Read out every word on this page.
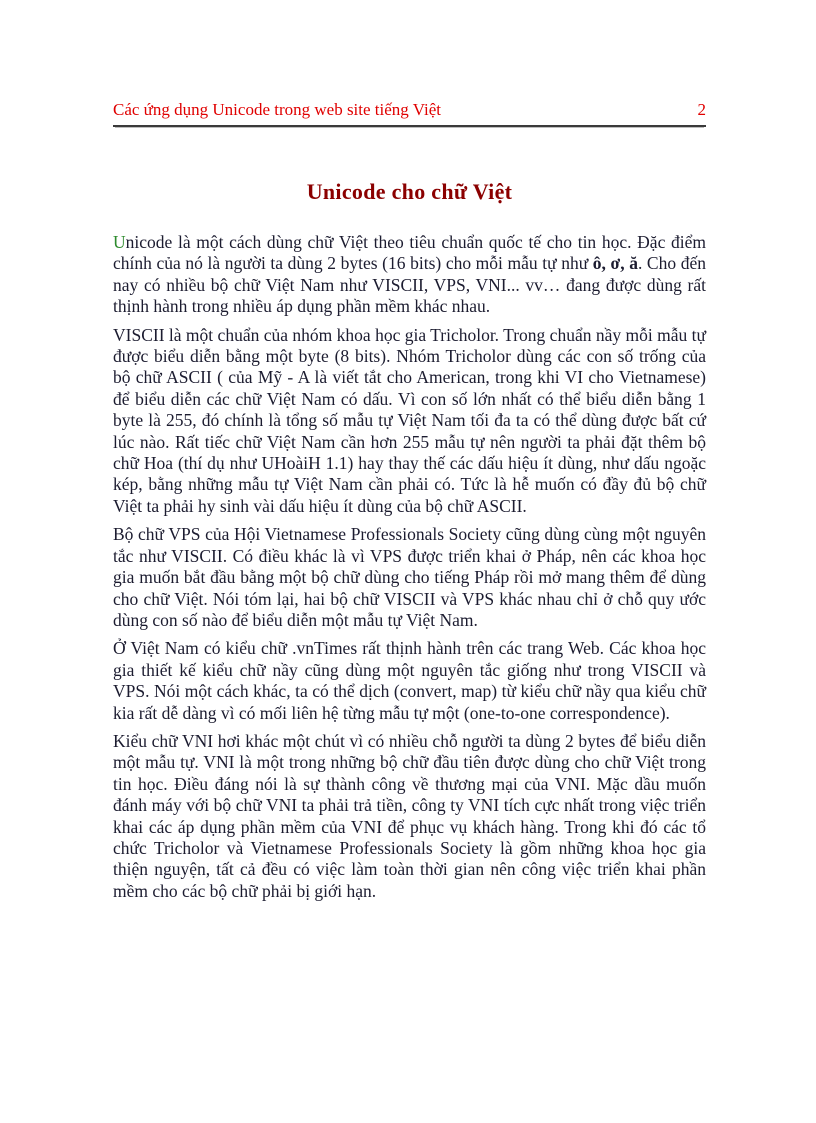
Các ứng dụng Unicode trong web site tiếng Việt	2
Unicode cho chữ Việt

Unicode là một cách dùng chữ Việt theo tiêu chuẩn quốc tế cho tin học. Đặc điểm chính của nó là người ta dùng 2 bytes (16 bits) cho mỗi mẫu tự như ô, ơ, ă. Cho đến nay có nhiều bộ chữ Việt Nam như VISCII, VPS, VNI... vv… đang được dùng rất thịnh hành trong nhiều áp dụng phần mềm khác nhau.

VISCII là một chuẩn của nhóm khoa học gia Tricholor. Trong chuẩn nầy mỗi mẫu tự được biểu diễn bằng một byte (8 bits). Nhóm Tricholor dùng các con số trống của bộ chữ ASCII ( của Mỹ - A là viết tắt cho American, trong khi VI cho Vietnamese) để biểu diễn các chữ Việt Nam có dấu. Vì con số lớn nhất có thể biểu diễn bằng 1 byte là 255, đó chính là tổng số mẫu tự Việt Nam tối đa ta có thể dùng được bất cứ lúc nào. Rất tiếc chữ Việt Nam cần hơn 255 mẫu tự nên người ta phải đặt thêm bộ chữ Hoa (thí dụ như UHoàiH 1.1) hay thay thế các dấu hiệu ít dùng, như dấu ngoặc kép, bằng những mẫu tự Việt Nam cần phải có. Tức là hễ muốn có đầy đủ bộ chữ Việt ta phải hy sinh vài dấu hiệu ít dùng của bộ chữ ASCII.

Bộ chữ VPS của Hội Vietnamese Professionals Society cũng dùng cùng một nguyên tắc như VISCII. Có điều khác là vì VPS được triển khai ở Pháp, nên các khoa học gia muốn bắt đầu bằng một bộ chữ dùng cho tiếng Pháp rồi mở mang thêm để dùng cho chữ Việt. Nói tóm lại, hai bộ chữ VISCII và VPS khác nhau chỉ ở chỗ quy ước dùng con số nào để biểu diễn một mẫu tự Việt Nam.

Ở Việt Nam có kiểu chữ .vnTimes rất thịnh hành trên các trang Web. Các khoa học gia thiết kế kiểu chữ nầy cũng dùng một nguyên tắc giống như trong VISCII và VPS. Nói một cách khác, ta có thể dịch (convert, map) từ kiểu chữ nầy qua kiểu chữ kia rất dễ dàng vì có mối liên hệ từng mẫu tự một (one-to-one correspondence).

Kiểu chữ VNI hơi khác một chút vì có nhiều chỗ người ta dùng 2 bytes để biểu diễn một mẫu tự. VNI là một trong những bộ chữ đầu tiên được dùng cho chữ Việt trong tin học. Điều đáng nói là sự thành công về thương mại của VNI. Mặc dầu muốn đánh máy với bộ chữ VNI ta phải trả tiền, công ty VNI tích cực nhất trong việc triển khai các áp dụng phần mềm của VNI để phục vụ khách hàng. Trong khi đó các tổ chức Tricholor và Vietnamese Professionals Society là gồm những khoa học gia thiện nguyện, tất cả đều có việc làm toàn thời gian nên công việc triển khai phần mềm cho các bộ chữ phải bị giới hạn.
